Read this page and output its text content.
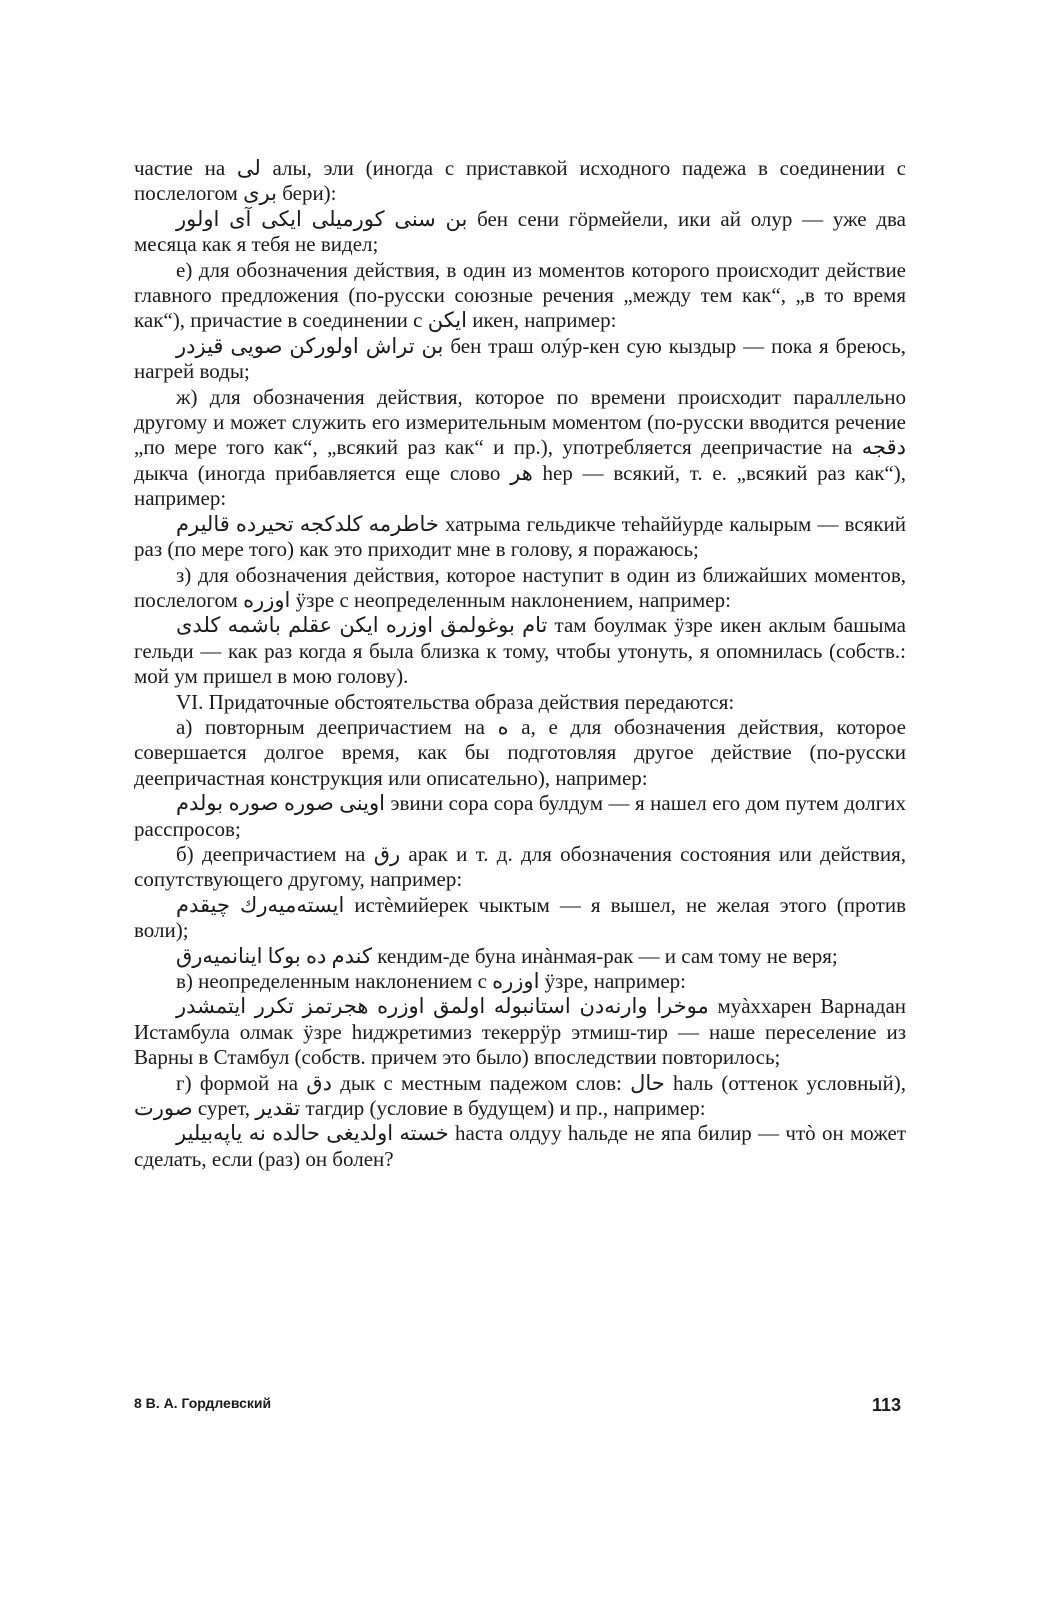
частие на ﻟﻰ алы, эли (иногда с приставкой исходного падежа в соединении с послелогом ﺑﺮی бери):

ﺑﻦ ﺳﻨﻰ ﻛﻮرﻣﻴﻠﻰ اﻳﻜﻰ آی اوﻟﻮر бен сени гöрмейели, ики ай олур — уже два месяца как я тебя не видел;

е) для обозначения действия, в один из моментов которого происходит действие главного предложения (по-русски союзные речения „между тем как“, „в то время как“), причастие в соединении с اﻳﻜﻦ икен, например:

ﺑﻦ ﺗﺮاش اوﻟﻮرﻛﻦ ﺻﻮﻳﻰ ﻗﻴﺰدر бен траш олýр-кен сую кыздыр — пока я бреюсь, нагрей воды;

ж) для обозначения действия, которое по времени происходит параллельно другому и может служить его измерительным моментом (по-русски вводится речение „по мере того как“, „всякий раз как“ и пр.), употребляется деепричастие на دﻗﺠﻪ дыкча (иногда прибавляется еще слово ﻫﺮ һер — всякий, т. е. „всякий раз как“), например:

ﺧﺎﻃﺮﻣﻪ ﻛﻠﺪﻛﺠﻪ ﺗﺤﻴﺮده ﻗﺎﻟﻴﺮم хатрыма гельдикче теһаййурде калырым — всякий раз (по мере того) как это приходит мне в голову, я поражаюсь;

з) для обозначения действия, которое наступит в один из ближайших моментов, послелогом اوزره ÿзре с неопределенным наклонением, например:

ﺗﺎم ﺑﻮﻏﻮﻟﻤﻖ اوزره اﻳﻜﻦ ﻋﻘﻠﻢ ﺑﺎﺷﻤﻪ ﻛﻠﺪی там боулмак ÿзре икен аклым башыма гельди — как раз когда я была близка к тому, чтобы утонуть, я опомнилась (собств.: мой ум пришел в мою голову).

VI. Придаточные обстоятельства образа действия передаются:

а) повторным деепричастием на ه а, е для обозначения действия, которое совершается долгое время, как бы подготовляя другое действие (по-русски деепричастная конструкция или описательно), например:

اوﻳﻨﻰ ﺻﻮره ﺻﻮره ﺑﻮﻟﺪم эвини сора сора булдум — я нашел его дом путем долгих расспросов;

б) деепричастием на رق арак и т. д. для обозначения состояния или действия, сопутствующего другому, например:

اﻳﺴﺘﻪﻣﻴﻪرك ﭼﻴﻘﺪم истèмийерек чыктым — я вышел, не желая этого (против воли);

ﻛﻨﺪم ده ﺑﻮﻛﺎ اﻳﻨﺎﻧﻤﻴﻪرق кендим-де буна инàнмая-рак — и сам тому не веря;

в) неопределенным наклонением с اوزره ÿзре, например:

ﻣﻮﺧﺮا وارﻧﻪدن اﺳﺘﺎﻧﺒﻮﻟﻪ اوﻟﻤﻖ اوزره ﻫﺠﺮﺗﻤﺰ ﺗﻜﺮر اﻳﺘﻤﺸﺪر муàххарен Варнадан Истамбула олмак ÿзре һиджретимиз текеррÿр этмиш-тир — наше переселение из Варны в Стамбул (собств. причем это было) впоследствии повторилось;

г) формой на دق дык с местным падежом слов: ﺣﺎل һаль (оттенок условный), ﺻﻮرت сурет, ﺗﻘﺪﻳﺮ тагдир (условие в будущем) и пр., например:

ﺧﺴﺘﻪ اوﻟﺪﻳﻐﻰ ﺣﺎﻟﺪه ﻧﻪ ﻳﺎﭘﻪﺑﻴﻠﻴﺮ һаста олдуу һальде не япа билир — чтò он может сделать, если (раз) он болен?

8 В. А. Гордлевский	113
